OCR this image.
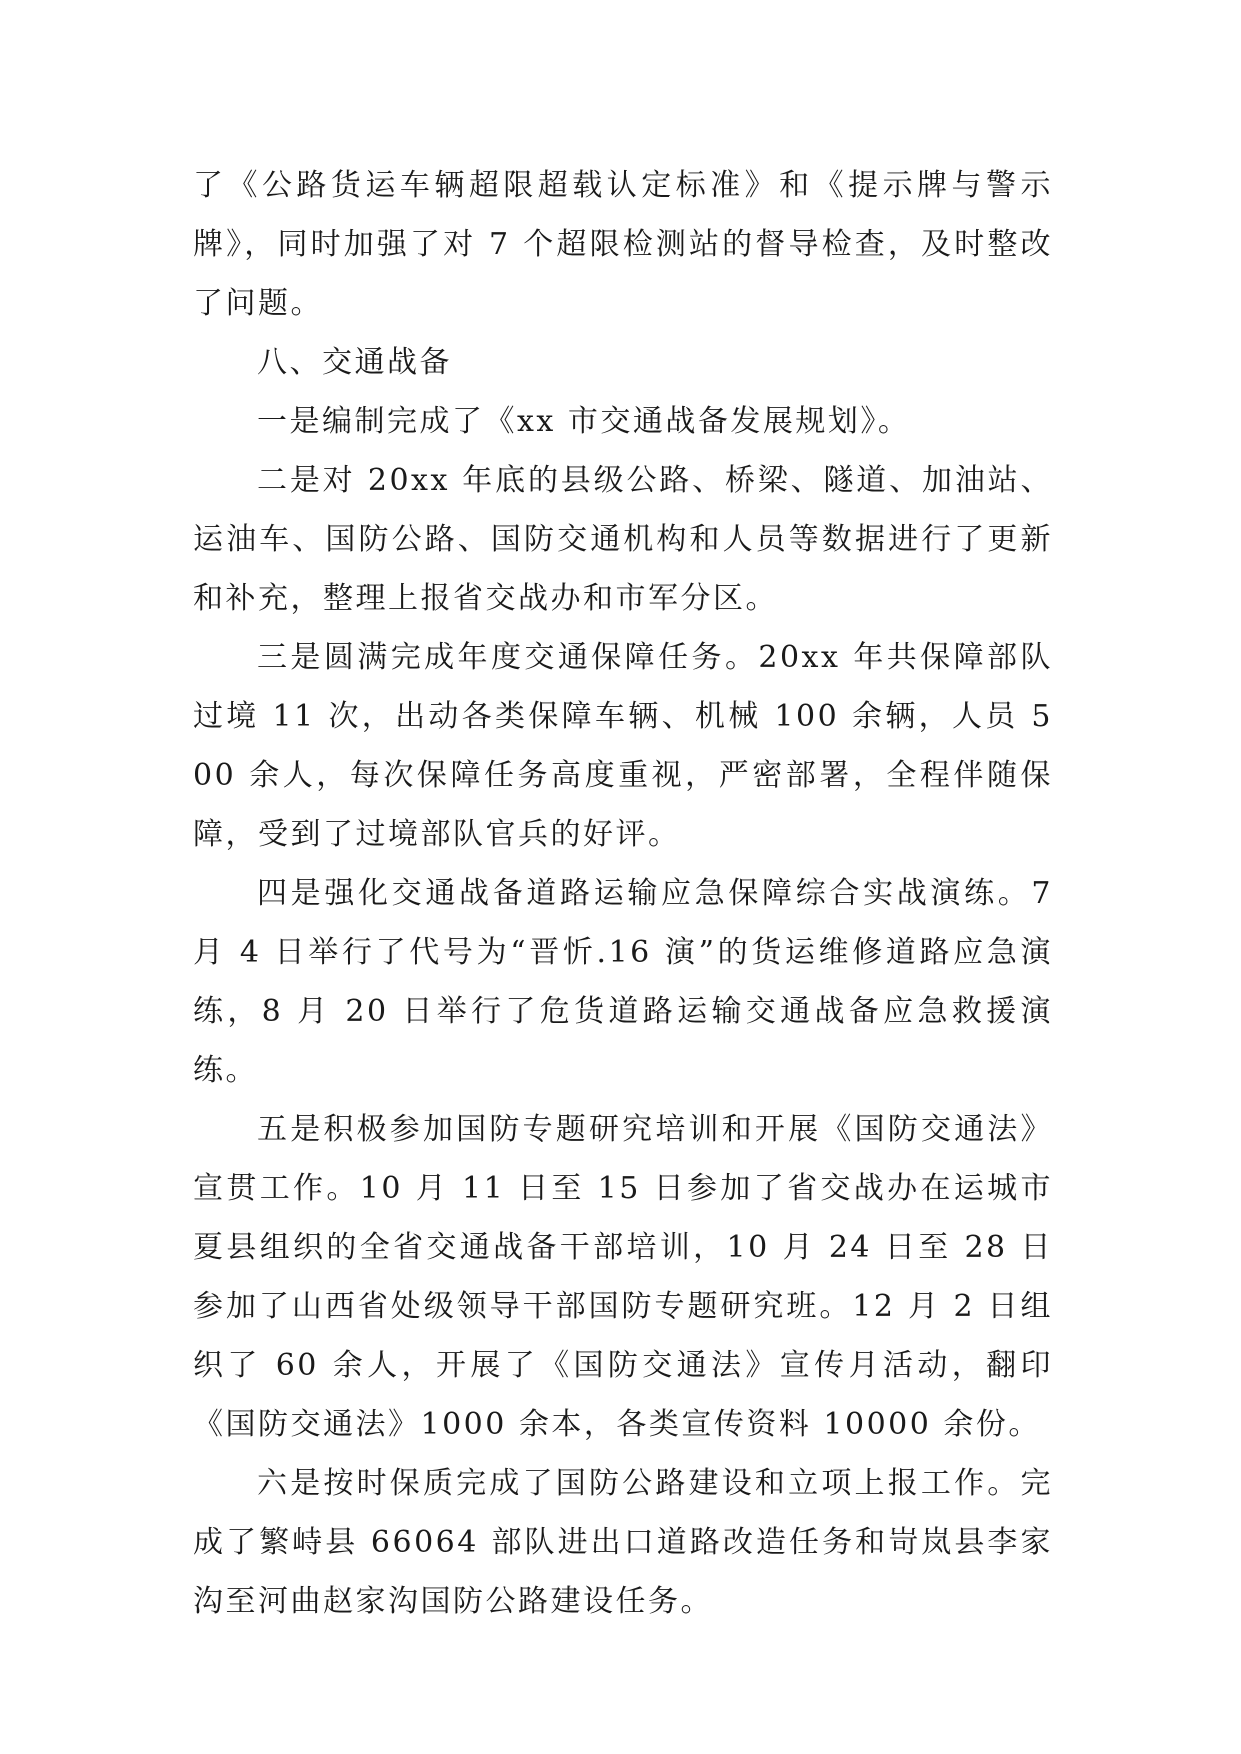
了《公路货运车辆超限超载认定标准》和《提示牌与警示牌》，同时加强了对 7 个超限检测站的督导检查，及时整改了问题。

八、交通战备

一是编制完成了《xx 市交通战备发展规划》。

二是对 20xx 年底的县级公路、桥梁、隧道、加油站、运油车、国防公路、国防交通机构和人员等数据进行了更新和补充，整理上报省交战办和市军分区。

三是圆满完成年度交通保障任务。20xx 年共保障部队过境 11 次，出动各类保障车辆、机械 100 余辆，人员 500 余人，每次保障任务高度重视，严密部署，全程伴随保障，受到了过境部队官兵的好评。

四是强化交通战备道路运输应急保障综合实战演练。7 月 4 日举行了代号为“晋忻.16 演”的货运维修道路应急演练，8 月 20 日举行了危货道路运输交通战备应急救援演练。

五是积极参加国防专题研究培训和开展《国防交通法》宣贯工作。10 月 11 日至 15 日参加了省交战办在运城市夏县组织的全省交通战备干部培训，10 月 24 日至 28 日参加了山西省处级领导干部国防专题研究班。12 月 2 日组织了 60 余人，开展了《国防交通法》宣传月活动，翻印《国防交通法》1000 余本，各类宣传资料 10000 余份。

六是按时保质完成了国防公路建设和立项上报工作。完成了繁峙县 66064 部队进出口道路改造任务和岢岚县李家沟至河曲赵家沟国防公路建设任务。
